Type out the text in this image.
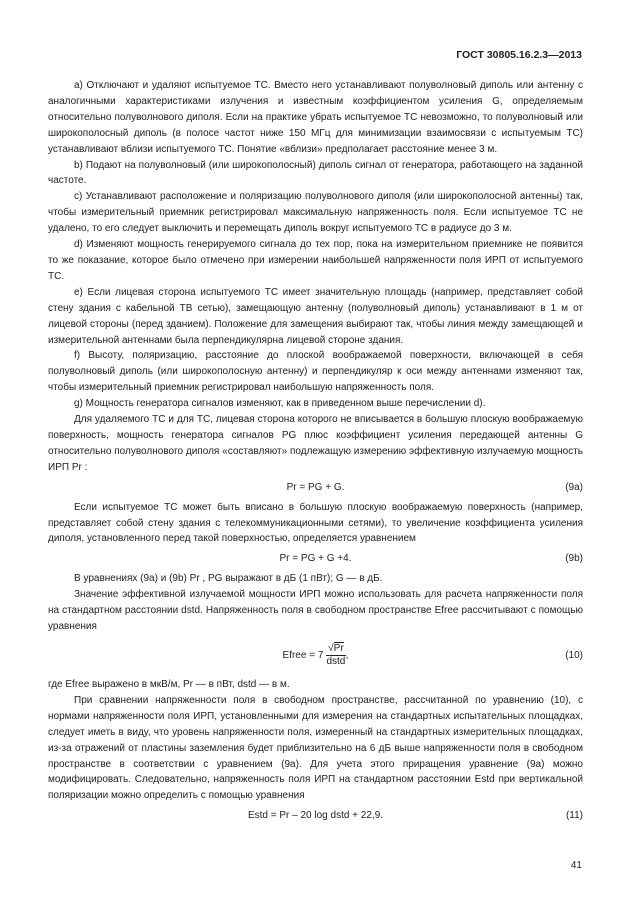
ГОСТ 30805.16.2.3—2013

а) Отключают и удаляют испытуемое ТС. Вместо него устанавливают полуволновый диполь или антенну с аналогичными характеристиками излучения и известным коэффициентом усиления G, определяемым относительно полуволнового диполя. Если на практике убрать испытуемое ТС невозможно, то полуволновый или широкополосный диполь (в полосе частот ниже 150 МГц для минимизации взаимосвязи с испытуемым ТС) устанавливают вблизи испытуемого ТС. Понятие «вблизи» предполагает расстояние менее 3 м.

b) Подают на полуволновый (или широкополосный) диполь сигнал от генератора, работающего на заданной частоте.

c) Устанавливают расположение и поляризацию полуволнового диполя (или широкополосной антенны) так, чтобы измерительный приемник регистрировал максимальную напряженность поля. Если испытуемое ТС не удалено, то его следует выключить и перемещать диполь вокруг испытуемого ТС в радиусе до 3 м.

d) Изменяют мощность генерируемого сигнала до тех пор, пока на измерительном приемнике не появится то же показание, которое было отмечено при измерении наибольшей напряженности поля ИРП от испытуемого ТС.

е) Если лицевая сторона испытуемого ТС имеет значительную площадь (например, представляет собой стену здания с кабельной ТВ сетью), замещающую антенну (полуволновый диполь) устанавливают в 1 м от лицевой стороны (перед зданием). Положение для замещения выбирают так, чтобы линия между замещающей и измерительной антеннами была перпендикулярна лицевой стороне здания.

f) Высоту, поляризацию, расстояние до плоской воображаемой поверхности, включающей в себя полуволновый диполь (или широкополосную антенну) и перпендикуляр к оси между антеннами изменяют так, чтобы измерительный приемник регистрировал наибольшую напряженность поля.

g) Мощность генератора сигналов изменяют, как в приведенном выше перечислении d).

Для удаляемого ТС и для ТС, лицевая сторона которого не вписывается в большую плоскую воображаемую поверхность, мощность генератора сигналов PG плюс коэффициент усиления передающей антенны G относительно полуволнового диполя «составляют» подлежащую измерению эффективную излучаемую мощность ИРП Pr :

Pr = PG + G.	(9а)

Если испытуемое ТС может быть вписано в большую плоскую воображаемую поверхность (например, представляет собой стену здания с телекоммуникационными сетями), то увеличение коэффициента усиления диполя, установленного перед такой поверхностью, определяется уравнением

Pr = PG + G +4.	(9b)

В уравнениях (9а) и (9b) Pr , PG выражают в дБ (1 пВт); G — в дБ.

Значение эффективной излучаемой мощности ИРП можно использовать для расчета напряженности поля на стандартном расстоянии dstd. Напряженность поля в свободном пространстве Efree рассчитывают с помощью уравнения

Efree = $7 \frac{√Pr}{\text{dstd}}$ ,	(10)

где Efree выражено в мкВ/м, Pr — в пВт, dstd — в м.

При сравнении напряженности поля в свободном пространстве, рассчитанной по уравнению (10), с нормами напряженности поля ИРП, установленными для измерения на стандартных испытательных площадках, следует иметь в виду, что уровень напряженности поля, измеренный на стандартных измерительных площадках, из-за отражений от пластины заземления будет приблизительно на 6 дБ выше напряженности поля в свободном пространстве в соответствии с уравнением (9а). Для учета этого приращения уравнение (9а) можно модифицировать. Следовательно, напряженность поля ИРП на стандартном расстоянии Estd при вертикальной поляризации можно определить с помощью уравнения

Estd = Pr – 20 log dstd + 22,9.	(11)
41
